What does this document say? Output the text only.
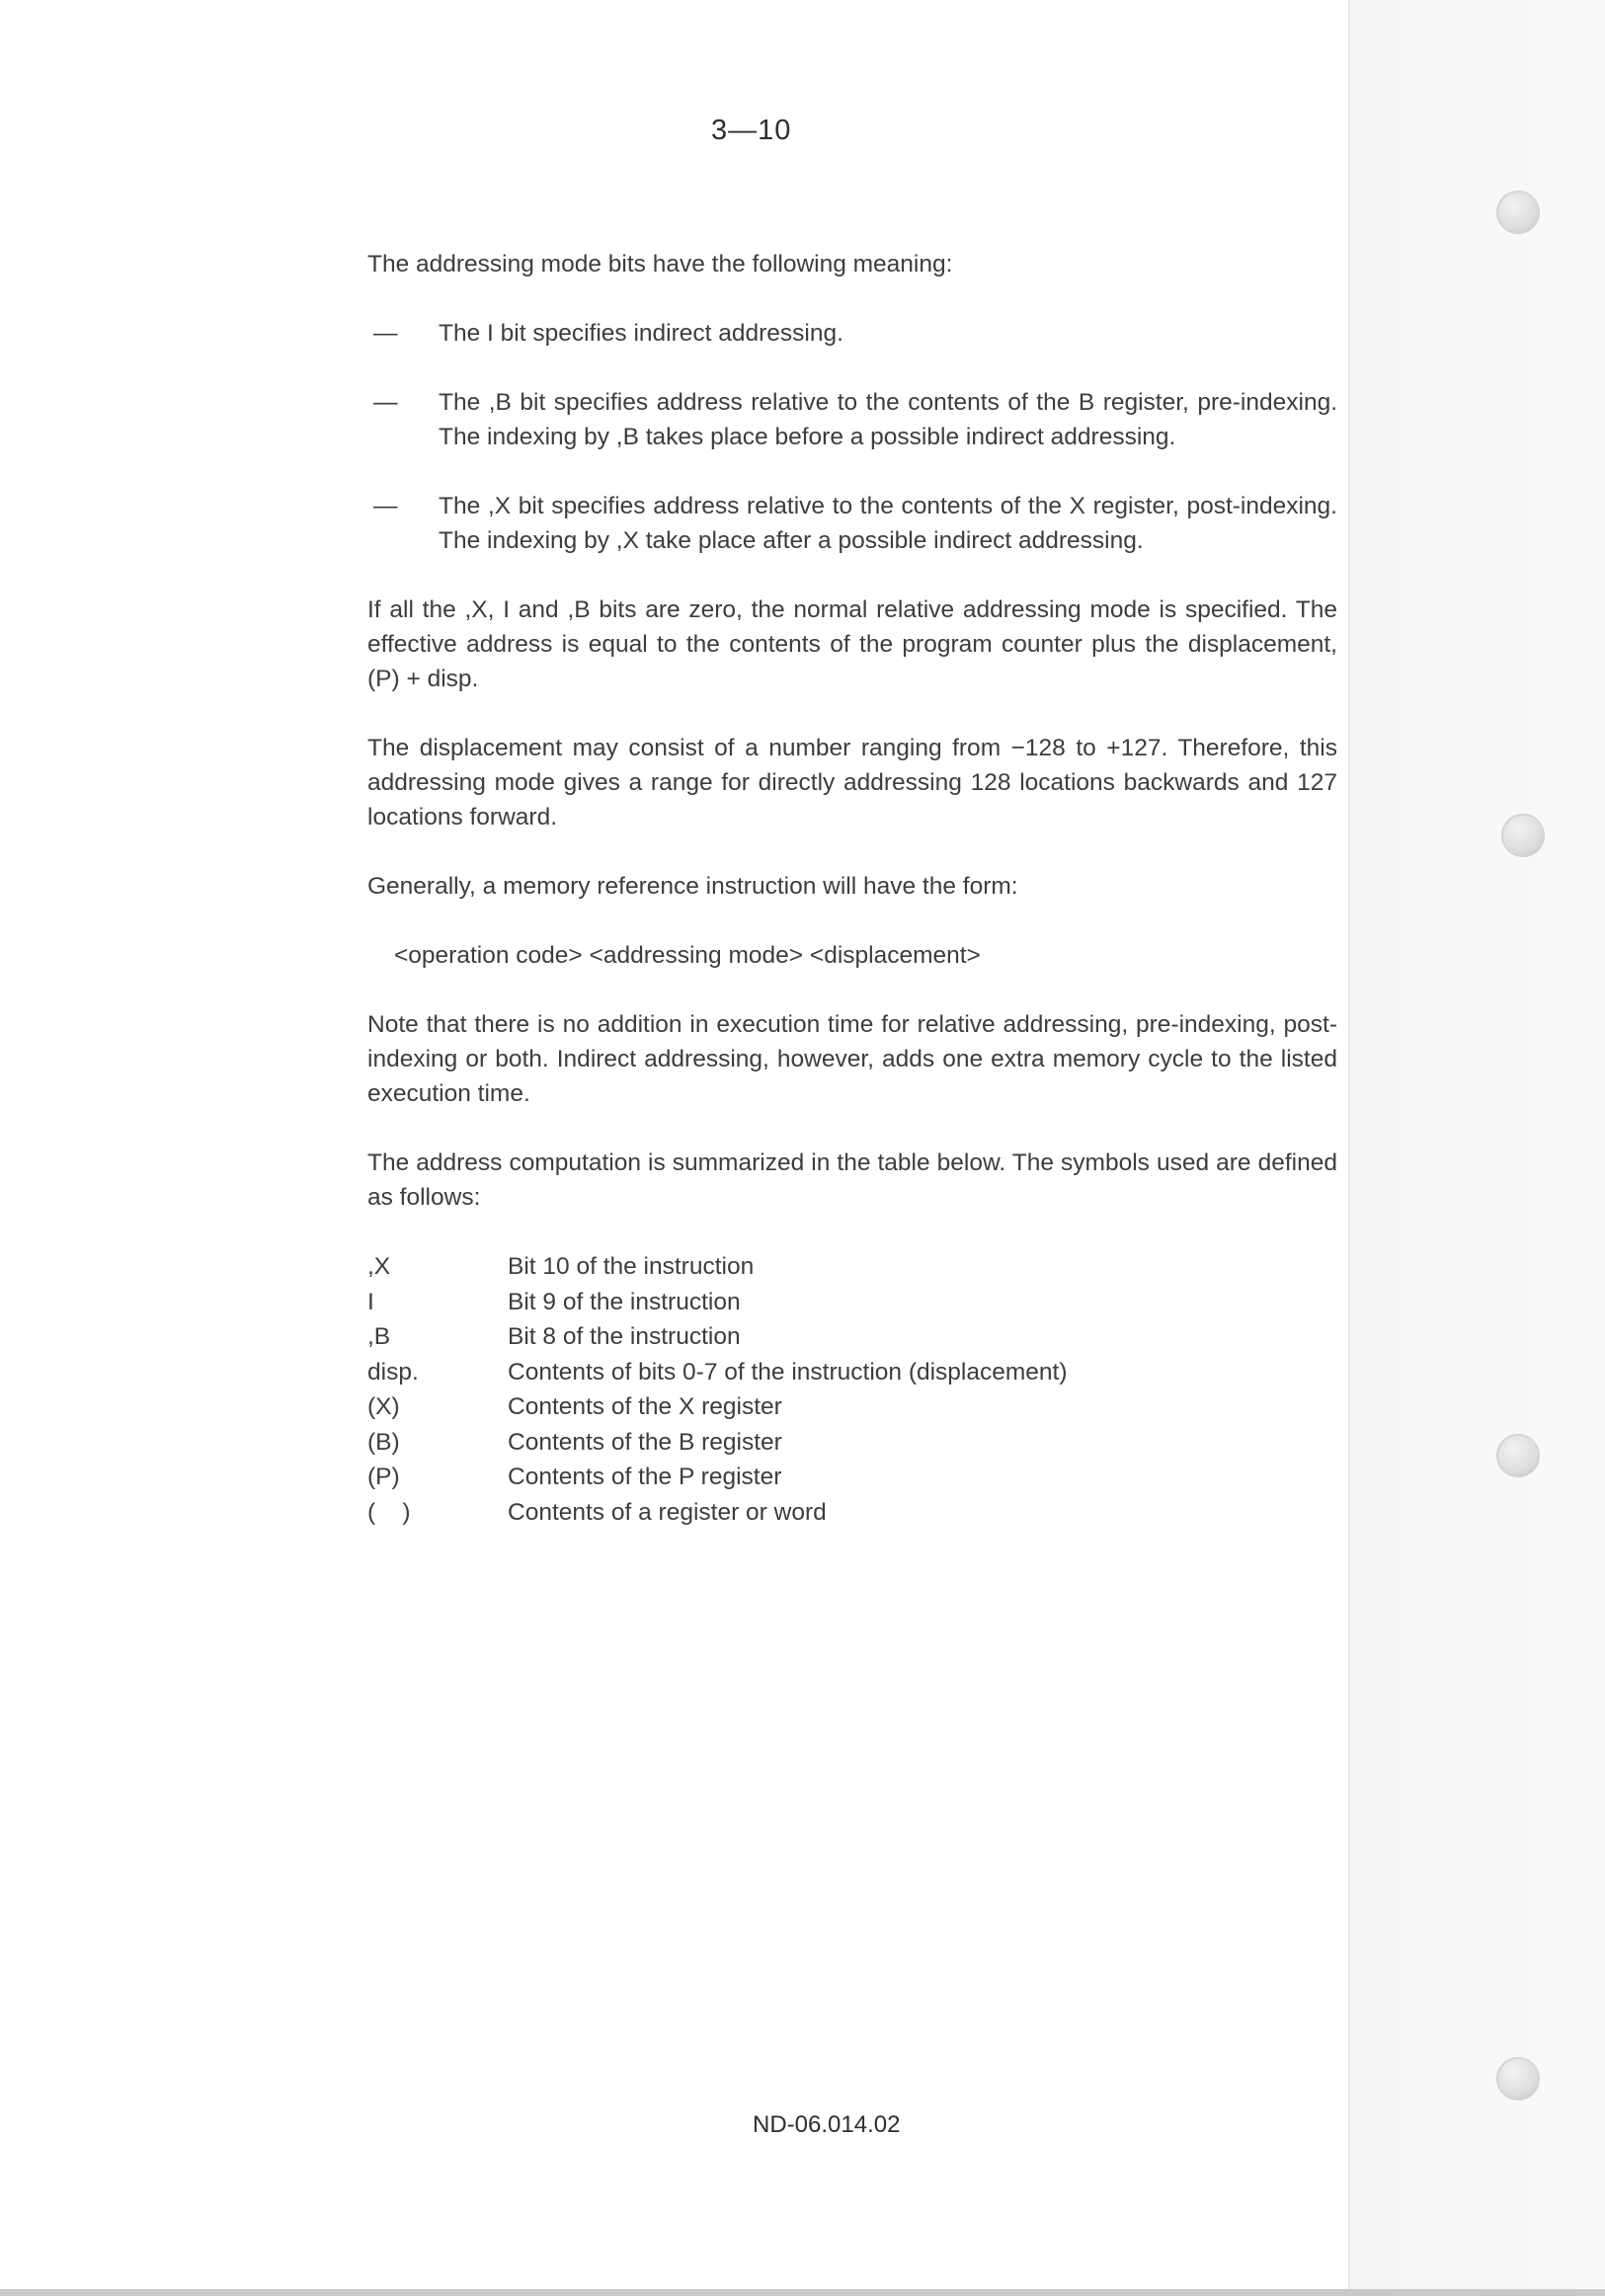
3—10

The addressing mode bits have the following meaning:

—	The I bit specifies indirect addressing.
—	The ,B bit specifies address relative to the contents of the B register, pre-indexing. The indexing by ,B takes place before a possible indirect addressing.
—	The ,X bit specifies address relative to the contents of the X register, post-indexing. The indexing by ,X take place after a possible indirect addressing.

If all the ,X, I and ,B bits are zero, the normal relative addressing mode is specified. The effective address is equal to the contents of the program counter plus the displacement, (P) + disp.

The displacement may consist of a number ranging from −128 to +127. Therefore, this addressing mode gives a range for directly addressing 128 locations backwards and 127 locations forward.

Generally, a memory reference instruction will have the form:

<operation code> <addressing mode> <displacement>

Note that there is no addition in execution time for relative addressing, pre-indexing, post-indexing or both. Indirect addressing, however, adds one extra memory cycle to the listed execution time.

The address computation is summarized in the table below. The symbols used are defined as follows:

,X	Bit 10 of the instruction
I	Bit 9 of the instruction
,B	Bit 8 of the instruction
disp.	Contents of bits 0-7 of the instruction (displacement)
(X)	Contents of the X register
(B)	Contents of the B register
(P)	Contents of the P register
(    )	Contents of a register or word
ND-06.014.02
